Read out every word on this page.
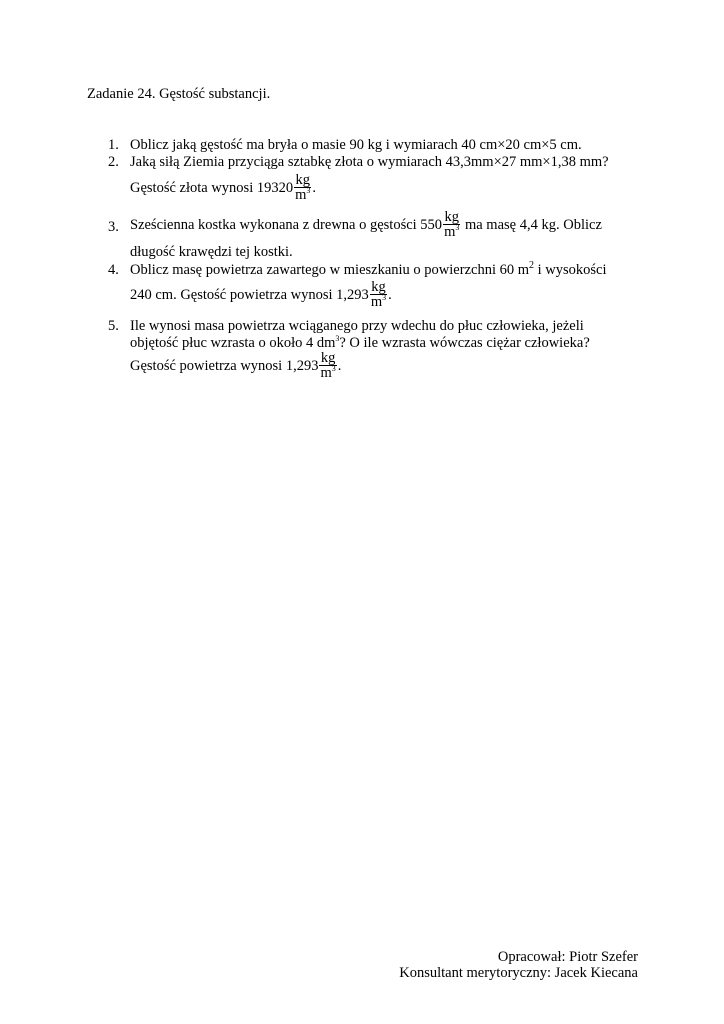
Zadanie 24. Gęstość substancji.
1. Oblicz jaką gęstość ma bryła o masie 90 kg i wymiarach 40 cm×20 cm×5 cm.
2. Jaką siłą Ziemia przyciąga sztabkę złota o wymiarach 43,3mm×27 mm×1,38 mm?
Gęstość złota wynosi $19320 \frac{kg}{m^3}$ .
3. Sześcienna kostka wykonana z drewna o gęstości $550 \frac{kg}{m^3}$ ma masę 4,4 kg. Oblicz
długość krawędzi tej kostki.
4. Oblicz masę powietrza zawartego w mieszkaniu o powierzchni 60 $m^2$ i wysokości
240 cm. Gęstość powietrza wynosi $1,293 \frac{kg}{m^3}$ .
5. Ile wynosi masa powietrza wciąganego przy wdechu do płuc człowieka, jeżeli
objętość płuc wzrasta o około 4 $dm^3$? O ile wzrasta wówczas ciężar człowieka?
Gęstość powietrza wynosi $1,293 \frac{kg}{m^3}$ .
Opracował: Piotr Szefer
Konsultant merytoryczny: Jacek Kiecana
